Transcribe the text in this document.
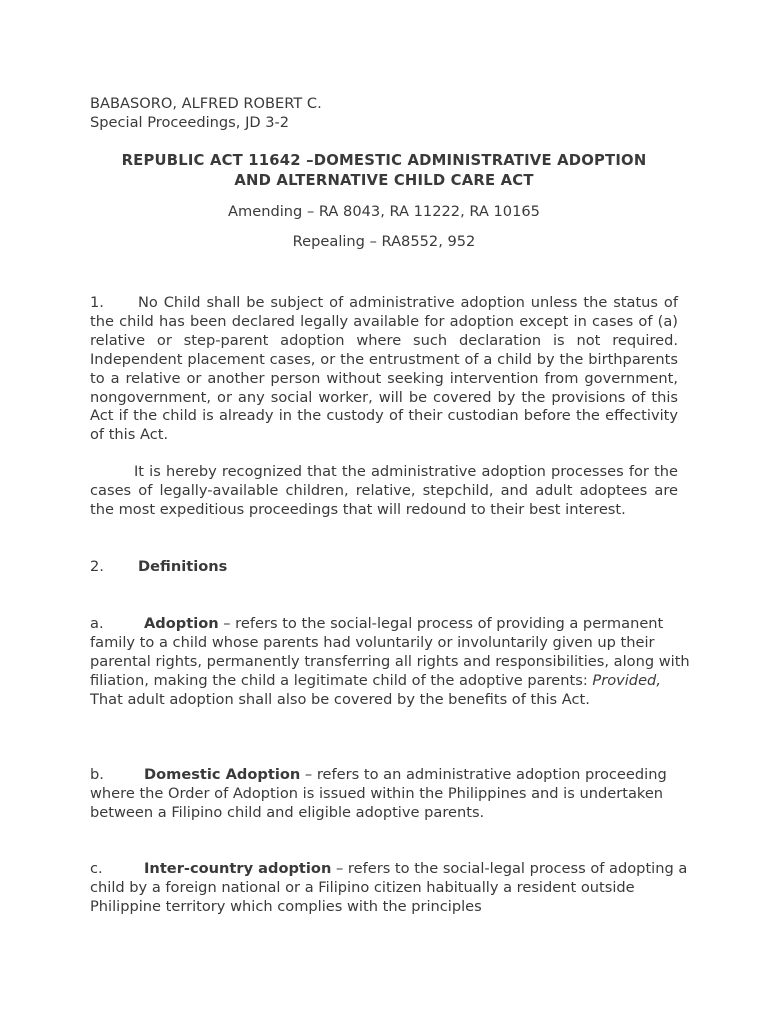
BABASORO, ALFRED ROBERT C.
Special Proceedings, JD 3-2
REPUBLIC ACT 11642 –DOMESTIC ADMINISTRATIVE ADOPTION
AND ALTERNATIVE CHILD CARE ACT
Amending – RA 8043, RA 11222, RA 10165
Repealing – RA8552, 952
1. No Child shall be subject of administrative adoption unless the status of the child has been declared legally available for adoption except in cases of (a) relative or step-parent adoption where such declaration is not required. Independent placement cases, or the entrustment of a child by the birthparents to a relative or another person without seeking intervention from government, nongovernment, or any social worker, will be covered by the provisions of this Act if the child is already in the custody of their custodian before the effectivity of this Act.
It is hereby recognized that the administrative adoption processes for the cases of legally-available children, relative, stepchild, and adult adoptees are the most expeditious proceedings that will redound to their best interest.
2. Definitions
a.	Adoption – refers to the social-legal process of providing a permanent family to a child whose parents had voluntarily or involuntarily given up their parental rights, permanently transferring all rights and responsibilities, along with filiation, making the child a legitimate child of the adoptive parents: Provided, That adult adoption shall also be covered by the benefits of this Act.
b.	Domestic Adoption – refers to an administrative adoption proceeding where the Order of Adoption is issued within the Philippines and is undertaken between a Filipino child and eligible adoptive parents.
c.	Inter-country adoption – refers to the social-legal process of adopting a child by a foreign national or a Filipino citizen habitually a resident outside Philippine territory which complies with the principles
